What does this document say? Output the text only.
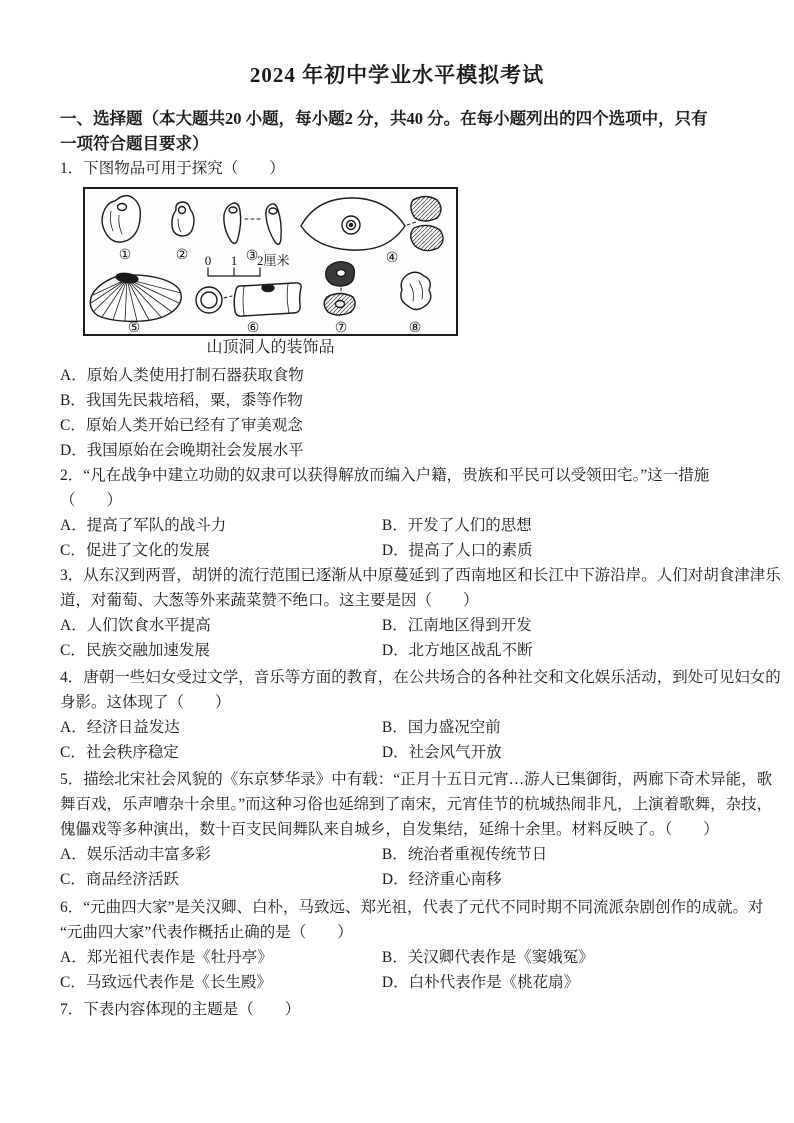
2024 年初中学业水平模拟考试
一、选择题（本大题共20 小题，每小题2 分，共40 分。在每小题列出的四个选项中，只有
一项符合题目要求）
1．下图物品可用于探究（　　）
①	②	③	④
⑤	⑥	⑦	⑧
0 1 2厘米
山顶洞人的装饰品
A．原始人类使用打制石器获取食物
B．我国先民栽培稻，粟，黍等作物
C．原始人类开始已经有了审美观念
D．我国原始在会晚期社会发展水平
2．“凡在战争中建立功勋的奴隶可以获得解放而编入户籍，贵族和平民可以受领田宅。”这一措施
（　　）
A．提高了军队的战斗力	B．开发了人们的思想
C．促进了文化的发展	D．提高了人口的素质
3．从东汉到两晋，胡饼的流行范围已逐渐从中原蔓延到了西南地区和长江中下游沿岸。人们对胡食津津乐
道，对葡萄、大葱等外来蔬菜赞不绝口。这主要是因（　　）
A．人们饮食水平提高	B．江南地区得到开发
C．民族交融加速发展	D．北方地区战乱不断
4．唐朝一些妇女受过文学，音乐等方面的教育，在公共场合的各种社交和文化娱乐活动，到处可见妇女的
身影。这体现了（　　）
A．经济日益发达	B．国力盛况空前
C．社会秩序稳定	D．社会风气开放
5．描绘北宋社会风貌的《东京梦华录》中有载：“正月十五日元宵…游人已集御街，两廊下奇术异能，歌
舞百戏，乐声嘈杂十余里。”而这种习俗也延绵到了南宋，元宵佳节的杭城热闹非凡，上演着歌舞，杂技，
傀儡戏等多种演出，数十百支民间舞队来自城乡，自发集结，延绵十余里。材料反映了。（　　）
A．娱乐活动丰富多彩	B．统治者重视传统节日
C．商品经济活跃	D．经济重心南移
6．“元曲四大家”是关汉卿、白朴，马致远、郑光祖，代表了元代不同时期不同流派杂剧创作的成就。对
“元曲四大家”代表作概括止确的是（　　）
A．郑光祖代表作是《牡丹亭》	B．关汉卿代表作是《窦娥冤》
C．马致远代表作是《长生殿》	D．白朴代表作是《桃花扇》
7．下表内容体现的主题是（　　）
